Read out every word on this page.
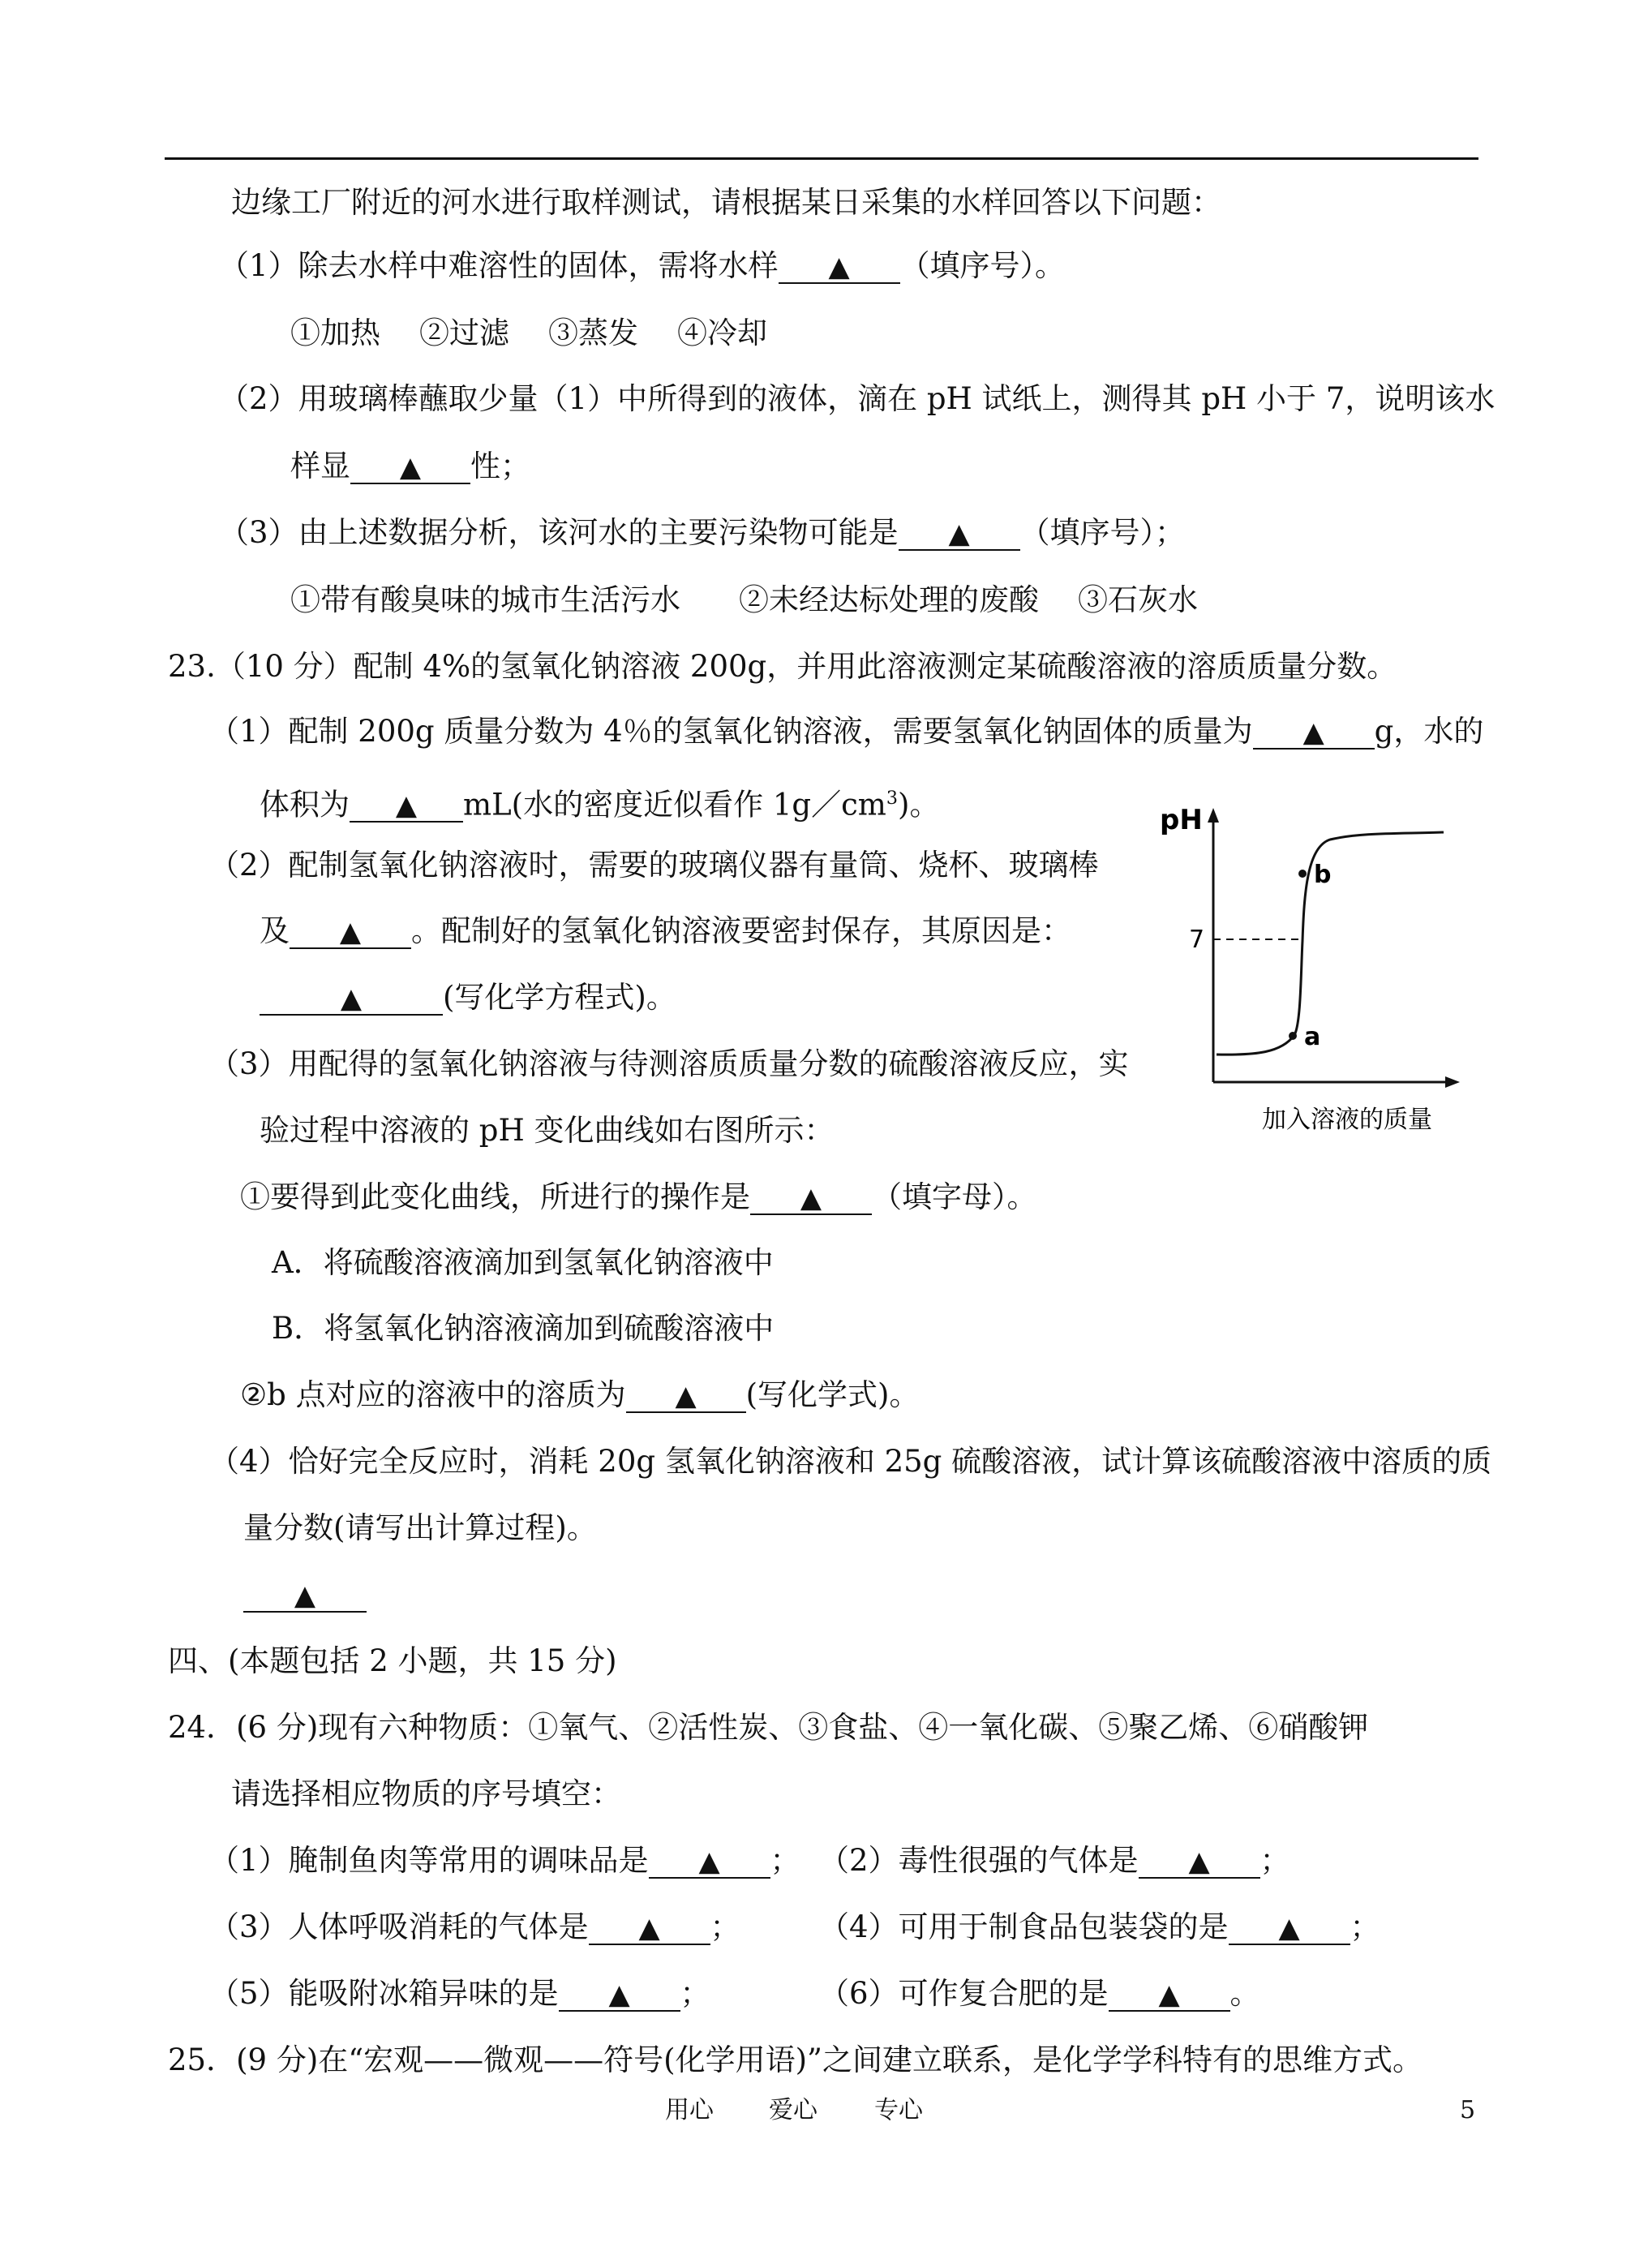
边缘工厂附近的河水进行取样测试，请根据某日采集的水样回答以下问题：
（1）除去水样中难溶性的固体，需将水样 ▲ （填序号）。
①加热 ②过滤 ③蒸发 ④冷却
（2）用玻璃棒蘸取少量（1）中所得到的液体，滴在 pH 试纸上，测得其 pH 小于 7，说明该水
样显 ▲ 性；
（3）由上述数据分析，该河水的主要污染物可能是 ▲ （填序号）；
①带有酸臭味的城市生活污水 ②未经达标处理的废酸 ③石灰水
23.（10 分）配制 4%的氢氧化钠溶液 200g，并用此溶液测定某硫酸溶液的溶质质量分数。
（1）配制 200g 质量分数为 4％的氢氧化钠溶液，需要氢氧化钠固体的质量为 ▲ g，水的
体积为 ▲ mL(水的密度近似看作 $1g/cm^3$)。
（2）配制氢氧化钠溶液时，需要的玻璃仪器有量筒、烧杯、玻璃棒
及 ▲ 。配制好的氢氧化钠溶液要密封保存，其原因是：
▲	(写化学方程式)。
（3）用配得的氢氧化钠溶液与待测溶质质量分数的硫酸溶液反应，实
验过程中溶液的 pH 变化曲线如右图所示：
①要得到此变化曲线，所进行的操作是 ▲ （填字母）。
A．将硫酸溶液滴加到氢氧化钠溶液中
B．将氢氧化钠溶液滴加到硫酸溶液中
②b 点对应的溶液中的溶质为 ▲ (写化学式)。
（4）恰好完全反应时，消耗 20g 氢氧化钠溶液和 25g 硫酸溶液，试计算该硫酸溶液中溶质的质
量分数(请写出计算过程)。
▲
四、(本题包括 2 小题，共 15 分)
24．(6 分)现有六种物质：①氧气、②活性炭、③食盐、④一氧化碳、⑤聚乙烯、⑥硝酸钾
请选择相应物质的序号填空：
（1）腌制鱼肉等常用的调味品是 ▲ ； （2）毒性很强的气体是 ▲ ；
（3）人体呼吸消耗的气体是 ▲ ；	（4）可用于制食品包装袋的是 ▲ ；
（5）能吸附冰箱异味的是 ▲ ；	（6）可作复合肥的是 ▲ 。
25．(9 分)在“宏观——微观——符号(化学用语)”之间建立联系，是化学学科特有的思维方式。
pH
7
a
b
加入溶液的质量
用心 爱心 专心	5
